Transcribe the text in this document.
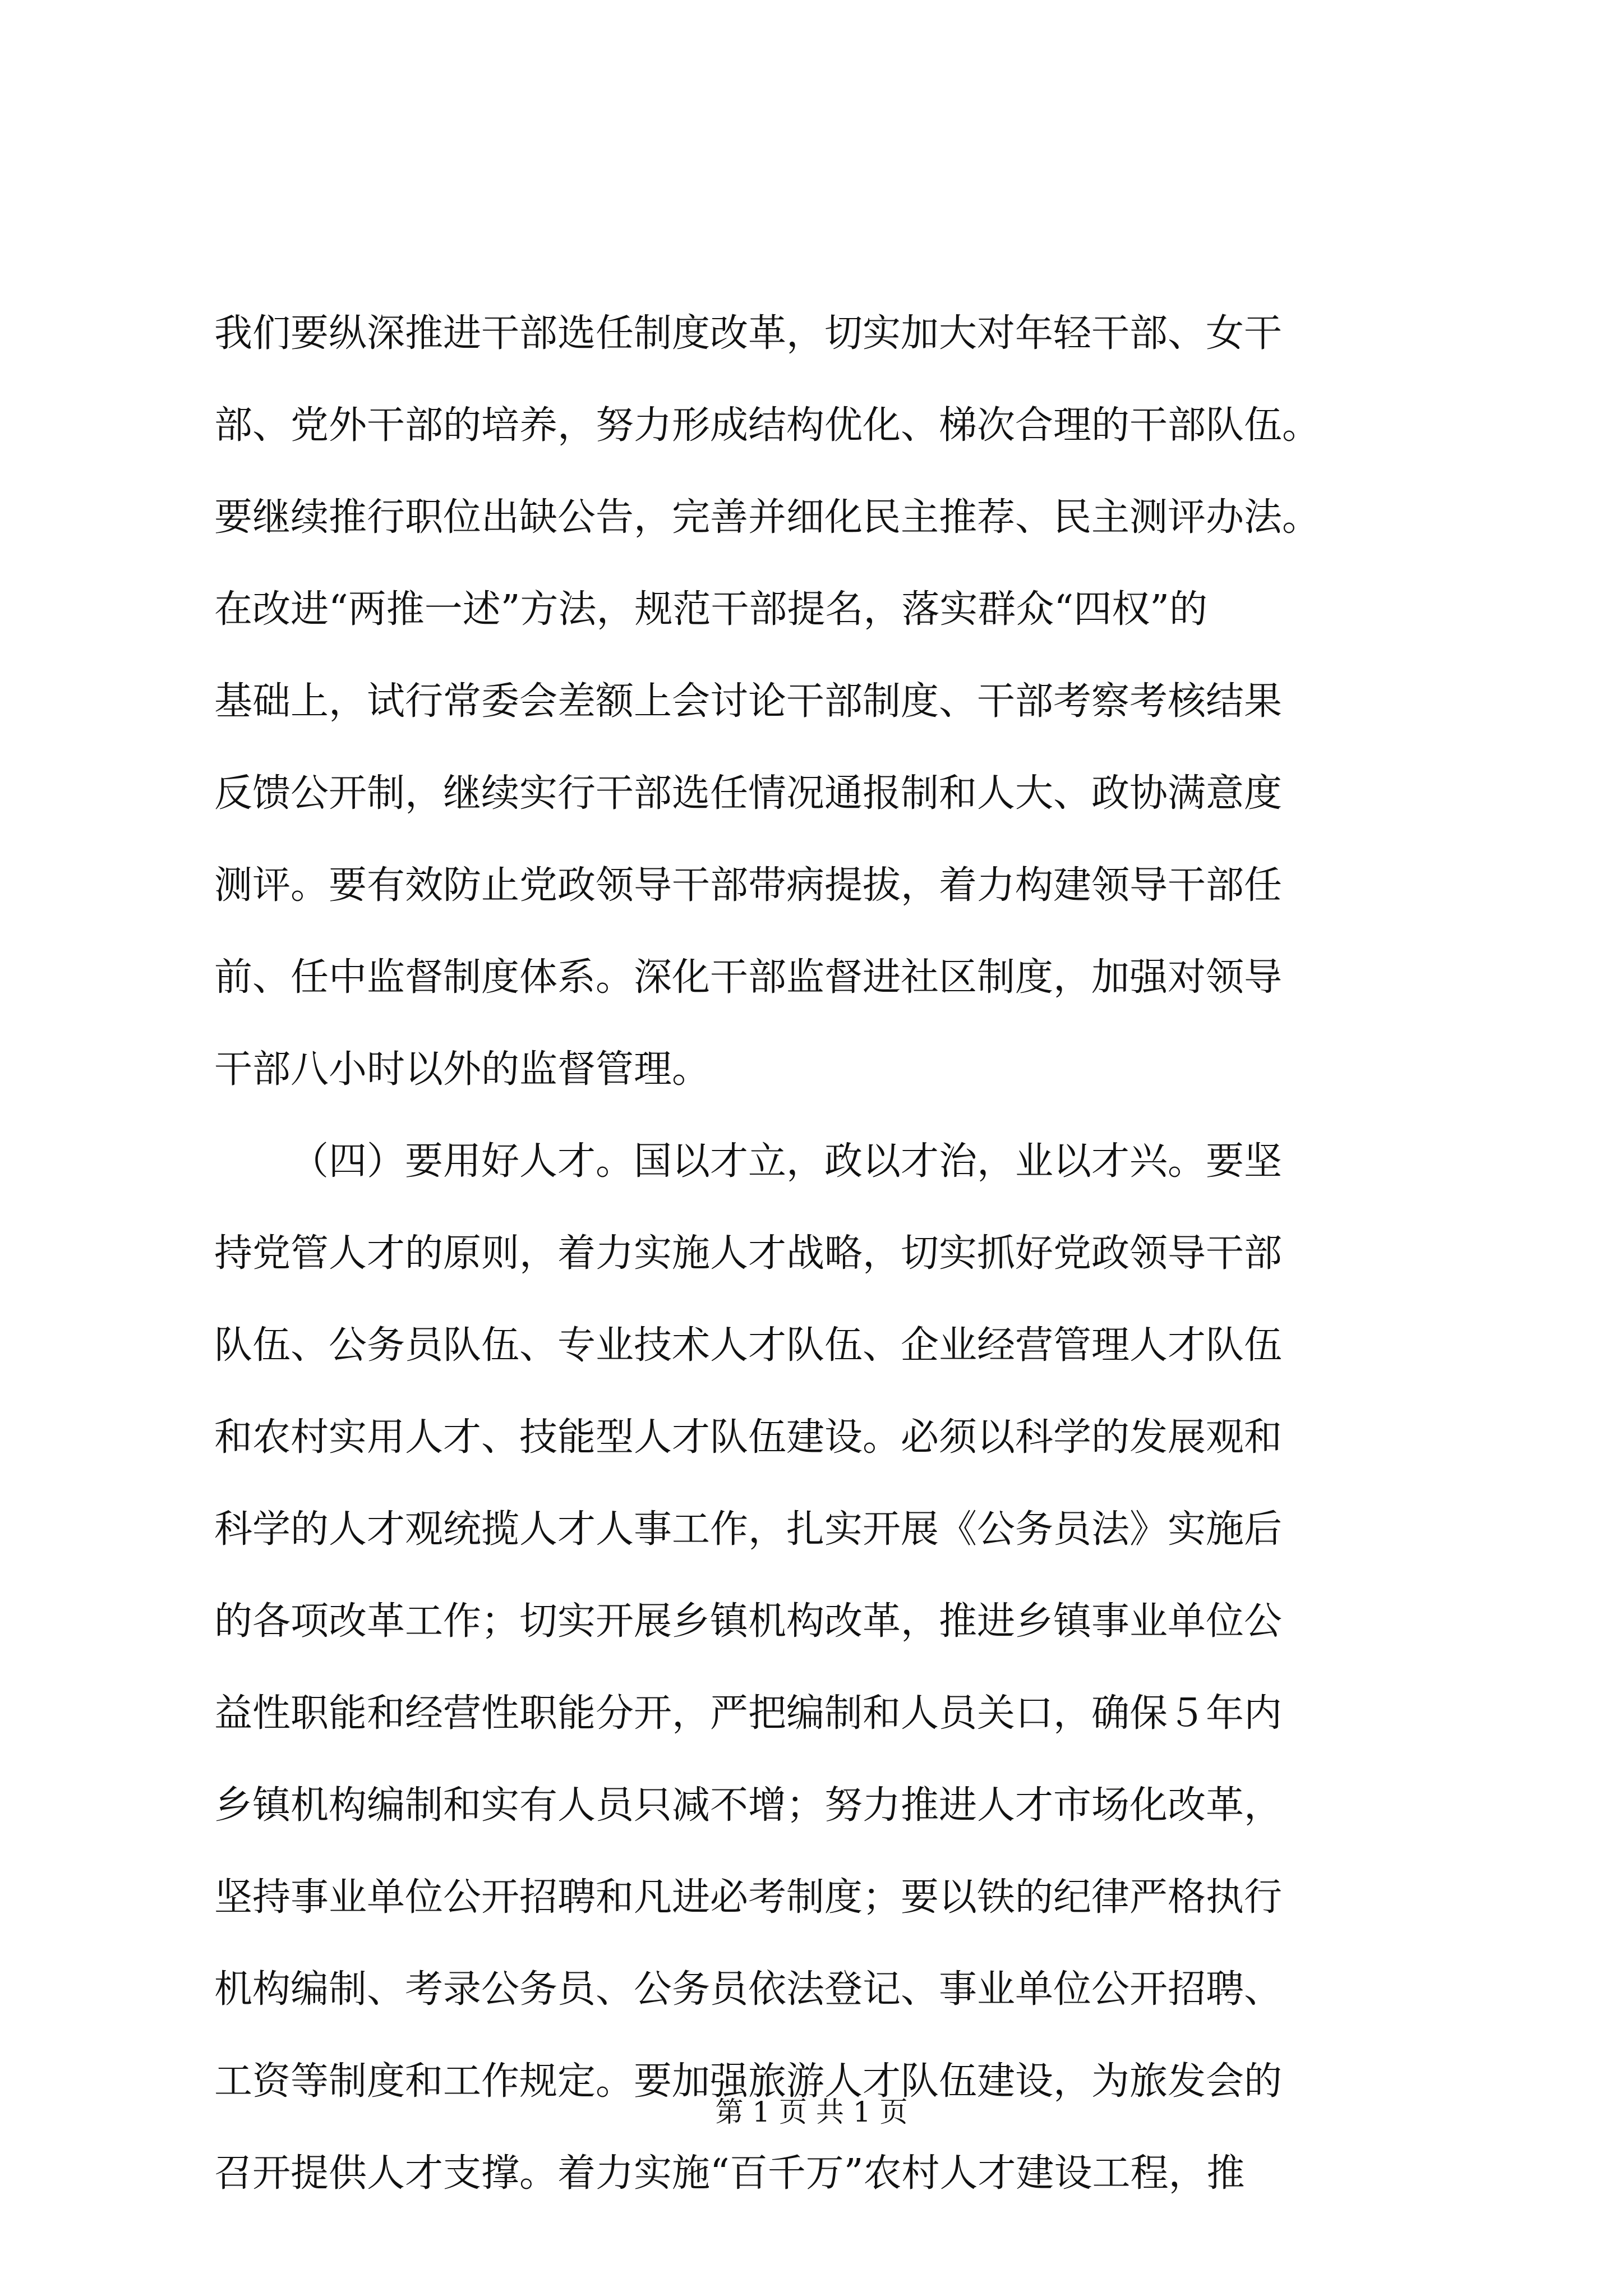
我们要纵深推进干部选任制度改革，切实加大对年轻干部、女干
部、党外干部的培养，努力形成结构优化、梯次合理的干部队伍。
要继续推行职位出缺公告，完善并细化民主推荐、民主测评办法。
在改进“两推一述”方法，规范干部提名，落实群众“四权”的
基础上，试行常委会差额上会讨论干部制度、干部考察考核结果
反馈公开制，继续实行干部选任情况通报制和人大、政协满意度
测评。要有效防止党政领导干部带病提拔，着力构建领导干部任
前、任中监督制度体系。深化干部监督进社区制度，加强对领导
干部八小时以外的监督管理。
（四）要用好人才。国以才立，政以才治，业以才兴。要坚
持党管人才的原则，着力实施人才战略，切实抓好党政领导干部
队伍、公务员队伍、专业技术人才队伍、企业经营管理人才队伍
和农村实用人才、技能型人才队伍建设。必须以科学的发展观和
科学的人才观统揽人才人事工作，扎实开展《公务员法》实施后
的各项改革工作；切实开展乡镇机构改革，推进乡镇事业单位公
益性职能和经营性职能分开，严把编制和人员关口，确保５年内
乡镇机构编制和实有人员只减不增；努力推进人才市场化改革，
坚持事业单位公开招聘和凡进必考制度；要以铁的纪律严格执行
机构编制、考录公务员、公务员依法登记、事业单位公开招聘、
工资等制度和工作规定。要加强旅游人才队伍建设，为旅发会的
召开提供人才支撑。着力实施“百千万”农村人才建设工程，推
第 1 页 共 1 页
